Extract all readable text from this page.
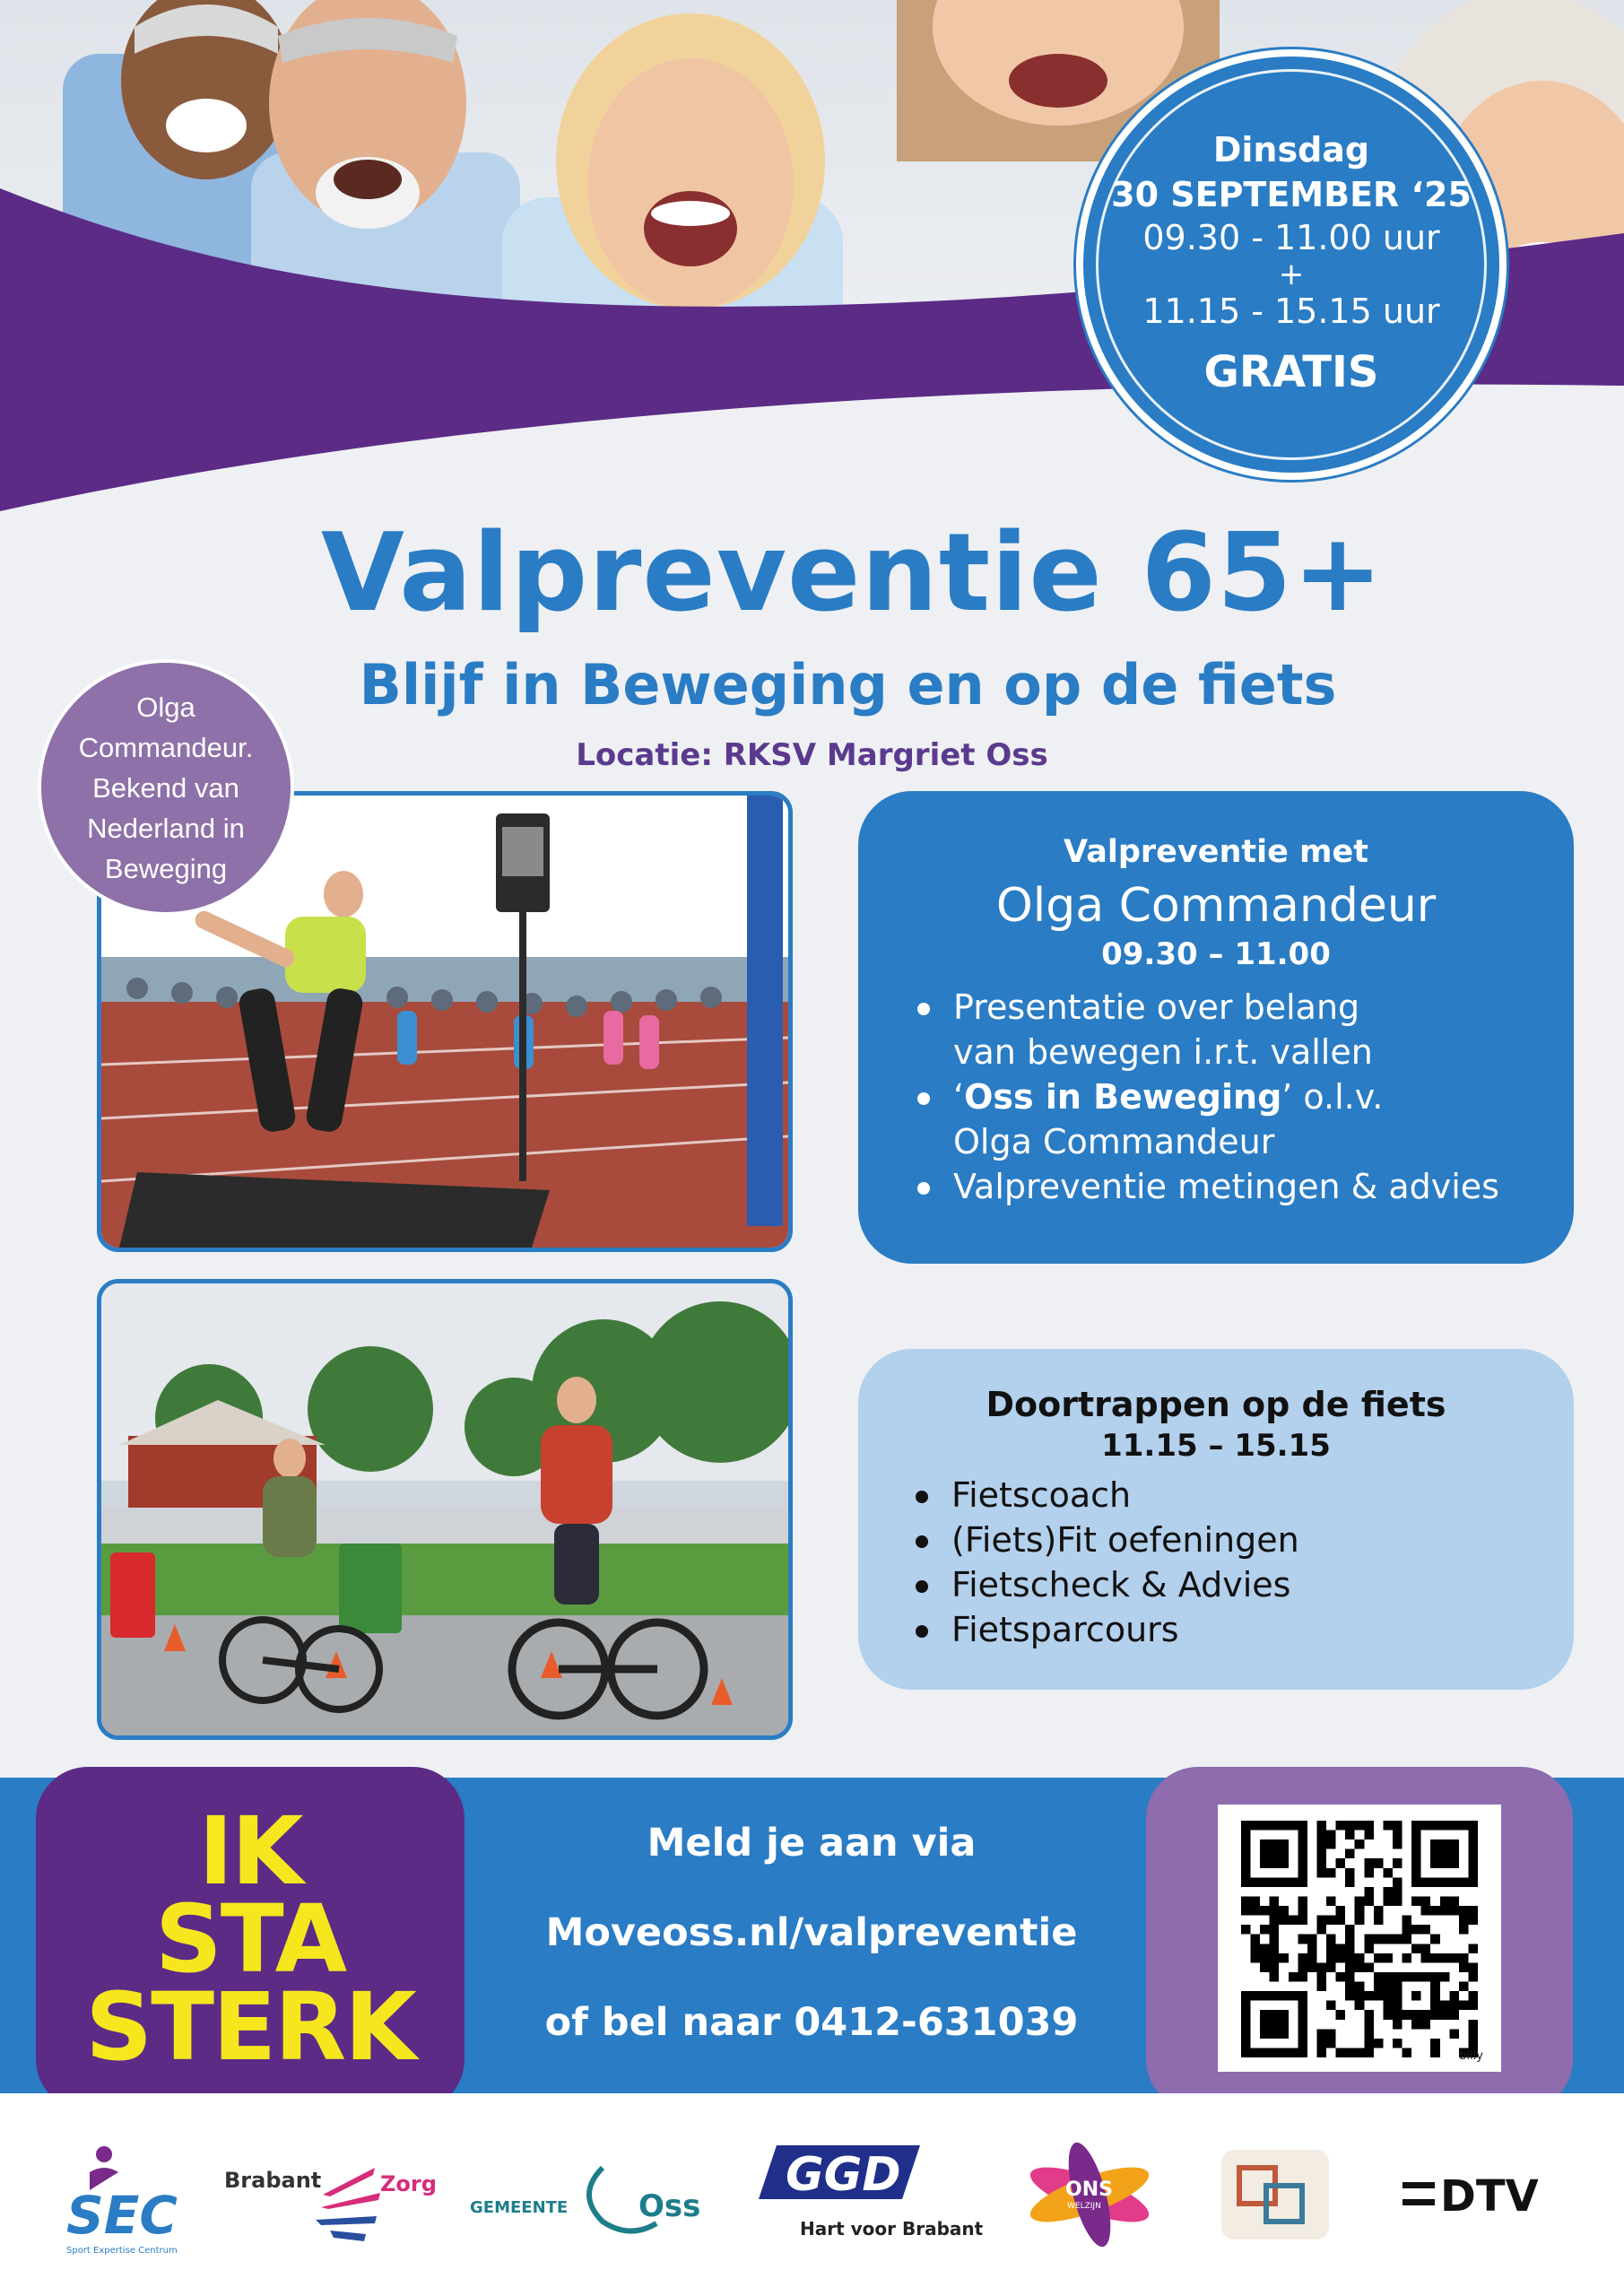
Dinsdag
30 SEPTEMBER ‘25
09.30 - 11.00 uur
+
11.15 - 15.15 uur
GRATIS
Valpreventie 65+
Blijf in Beweging en op de fiets
Locatie: RKSV Margriet Oss
Olga
Commandeur.
Bekend van
Nederland in
Beweging	Valpreventie met
Olga Commandeur
09.30 – 11.00
Presentatie over belang
van bewegen i.r.t. vallen
‘Oss in Beweging’ o.l.v.
Olga Commandeur
Valpreventie metingen & advies
Doortrappen op de fiets
11.15 – 15.15
Fietscoach
(Fiets)Fit oefeningen
Fietscheck & Advies
Fietsparcours
IK
STA
STERK
Meld je aan via
Moveoss.nl/valpreventie
of bel naar 0412-631039
billy
SEC
Sport Expertise Centrum
Brabant	Zorg
GEMEENTE Oss
GGD
Hart voor Brabant
ONS
WELZIJN	DTV
